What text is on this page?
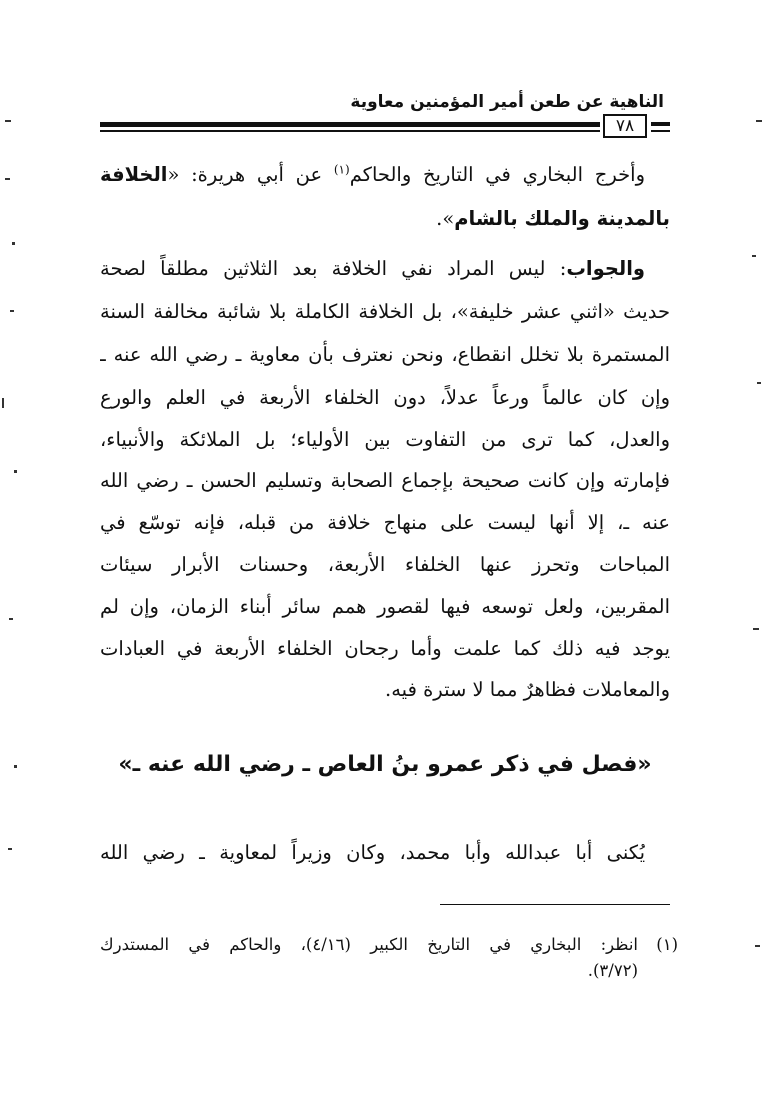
الناهية عن طعن أمير المؤمنين معاوية
٧٨
وأخرج البخاري في التاريخ والحاكم$^{(١)}$ عن أبي هريرة: «الخلافة
بالمدينة والملك بالشام».
والجواب: ليس المراد نفي الخلافة بعد الثلاثين مطلقاً لصحة
حديث «اثني عشر خليفة»، بل الخلافة الكاملة بلا شائبة مخالفة السنة
المستمرة بلا تخلل انقطاع، ونحن نعترف بأن معاوية ـ رضي الله عنه ـ
وإن كان عالماً ورعاً عدلاً، دون الخلفاء الأربعة في العلم والورع
والعدل، كما ترى من التفاوت بين الأولياء؛ بل الملائكة والأنبياء،
فإمارته وإن كانت صحيحة بإجماع الصحابة وتسليم الحسن ـ رضي الله
عنه ـ، إلا أنها ليست على منهاج خلافة من قبله، فإنه توسّع في
المباحات وتحرز عنها الخلفاء الأربعة، وحسنات الأبرار سيئات
المقربين، ولعل توسعه فيها لقصور همم سائر أبناء الزمان، وإن لم
يوجد فيه ذلك كما علمت وأما رجحان الخلفاء الأربعة في العبادات
والمعاملات فظاهرٌ مما لا سترة فيه.
«فصل في ذكر عمرو بنُ العاص ـ رضي الله عنه ـ»
يُكنى أبا عبدالله وأبا محمد، وكان وزيراً لمعاوية ـ رضي الله
(١)انظر: البخاري في التاريخ الكبير (٤/١٦)، والحاكم في المستدرك
(٣/٧٢).
